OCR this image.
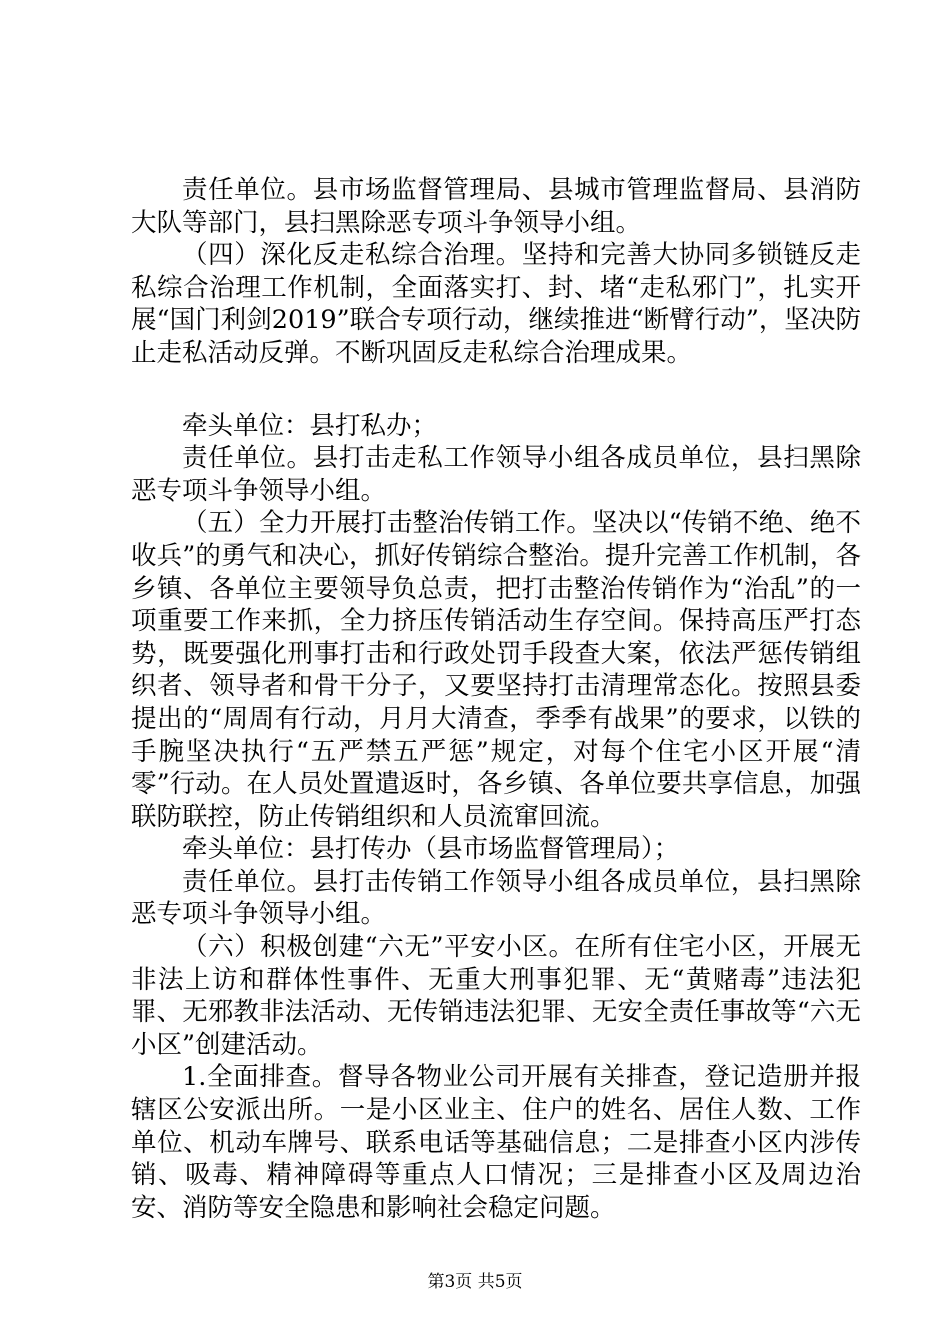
责任单位。县市场监督管理局、县城市管理监督局、县消防大队等部门，县扫黑除恶专项斗争领导小组。

（四）深化反走私综合治理。坚持和完善大协同多锁链反走私综合治理工作机制，全面落实打、封、堵“走私邪门”，扎实开展“国门利剑2019”联合专项行动，继续推进“断臂行动”，坚决防止走私活动反弹。不断巩固反走私综合治理成果。

牵头单位：县打私办；

责任单位。县打击走私工作领导小组各成员单位，县扫黑除恶专项斗争领导小组。

（五）全力开展打击整治传销工作。坚决以“传销不绝、绝不收兵”的勇气和决心，抓好传销综合整治。提升完善工作机制，各乡镇、各单位主要领导负总责，把打击整治传销作为“治乱”的一项重要工作来抓，全力挤压传销活动生存空间。保持高压严打态势，既要强化刑事打击和行政处罚手段查大案，依法严惩传销组织者、领导者和骨干分子，又要坚持打击清理常态化。按照县委提出的“周周有行动，月月大清查，季季有战果”的要求，以铁的手腕坚决执行“五严禁五严惩”规定，对每个住宅小区开展“清零”行动。在人员处置遣返时，各乡镇、各单位要共享信息，加强联防联控，防止传销组织和人员流窜回流。

牵头单位：县打传办（县市场监督管理局）；

责任单位。县打击传销工作领导小组各成员单位，县扫黑除恶专项斗争领导小组。

（六）积极创建“六无”平安小区。在所有住宅小区，开展无非法上访和群体性事件、无重大刑事犯罪、无“黄赌毒”违法犯罪、无邪教非法活动、无传销违法犯罪、无安全责任事故等“六无小区”创建活动。

1.全面排查。督导各物业公司开展有关排查，登记造册并报辖区公安派出所。一是小区业主、住户的姓名、居住人数、工作单位、机动车牌号、联系电话等基础信息；二是排查小区内涉传销、吸毒、精神障碍等重点人口情况；三是排查小区及周边治安、消防等安全隐患和影响社会稳定问题。

第3页 共5页
